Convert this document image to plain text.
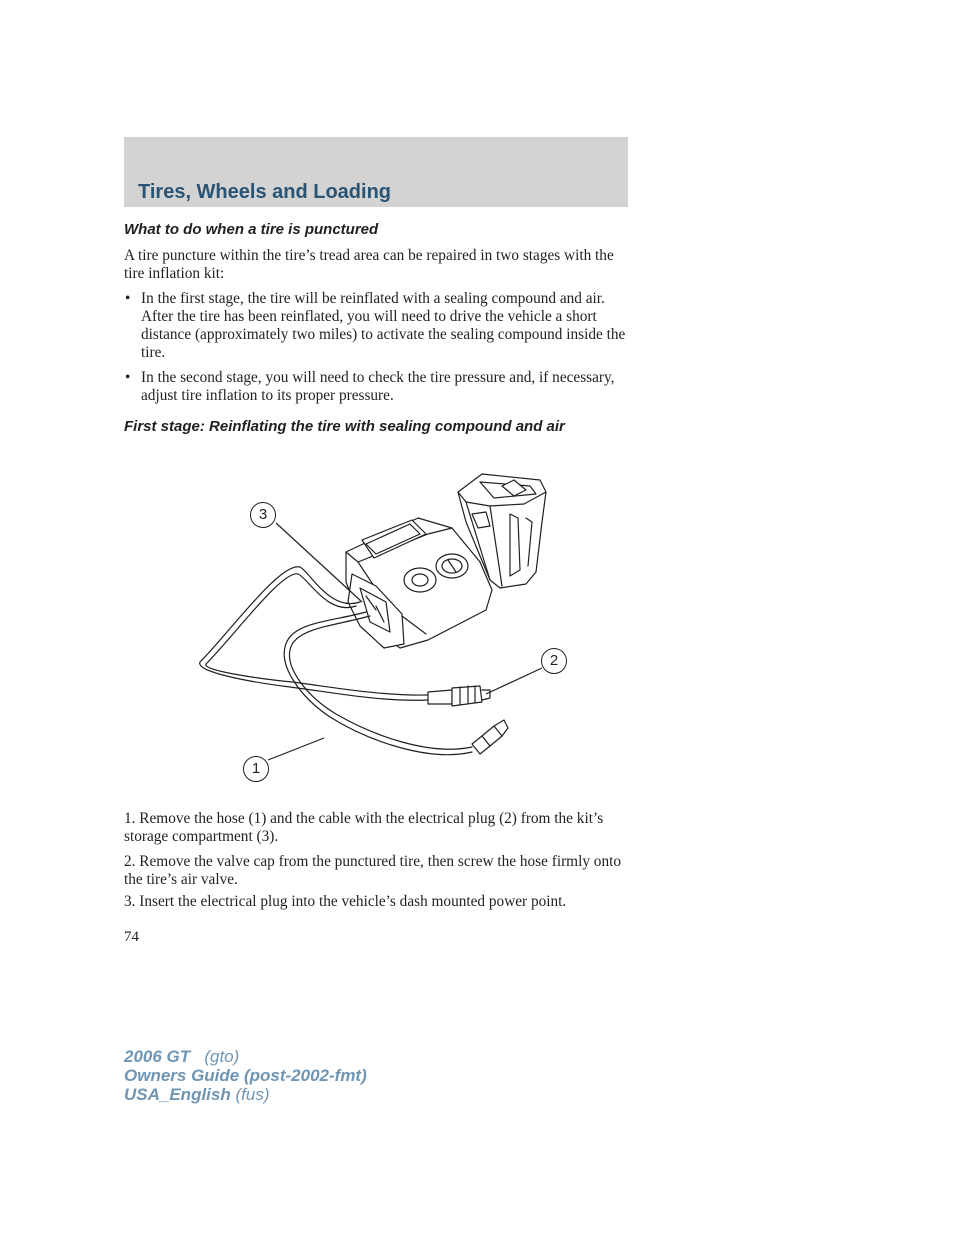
Tires, Wheels and Loading
What to do when a tire is punctured

A tire puncture within the tire’s tread area can be repaired in two stages with the tire inflation kit:

• In the first stage, the tire will be reinflated with a sealing compound and air. After the tire has been reinflated, you will need to drive the vehicle a short distance (approximately two miles) to activate the sealing compound inside the tire.
• In the second stage, you will need to check the tire pressure and, if necessary, adjust tire inflation to its proper pressure.
First stage: Reinflating the tire with sealing compound and air
3
2
1

1. Remove the hose (1) and the cable with the electrical plug (2) from the kit’s storage compartment (3).

2. Remove the valve cap from the punctured tire, then screw the hose firmly onto the tire’s air valve.

3. Insert the electrical plug into the vehicle’s dash mounted power point.

74
2006 GT (gto)
Owners Guide (post-2002-fmt)
USA_English (fus)
